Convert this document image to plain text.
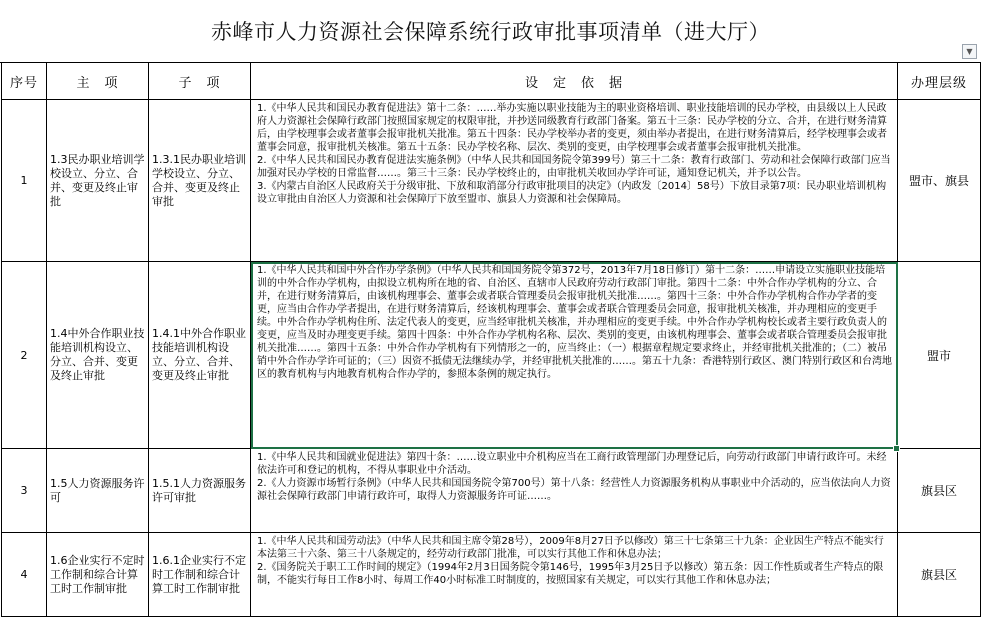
赤峰市人力资源社会保障系统行政审批事项清单（进大厅）
▼
序号	主　项	子　项	设　定　依　据	办理层级
1	1.3民办职业培训学校设立、分立、合并、变更及终止审批	1.3.1民办职业培训学校设立、分立、合并、变更及终止审批	1.《中华人民共和国民办教育促进法》第十二条：……举办实施以职业技能为主的职业资格培训、职业技能培训的民办学校，由县级以上人民政府人力资源社会保障行政部门按照国家规定的权限审批，并抄送同级教育行政部门备案。第五十三条：民办学校的分立、合并，在进行财务清算后，由学校理事会或者董事会报审批机关批准。第五十四条：民办学校举办者的变更，须由举办者提出，在进行财务清算后，经学校理事会或者董事会同意，报审批机关核准。第五十五条：民办学校名称、层次、类别的变更，由学校理事会或者董事会报审批机关批准。

2.《中华人民共和国民办教育促进法实施条例》（中华人民共和国国务院令第399号）第三十二条：教育行政部门、劳动和社会保障行政部门应当加强对民办学校的日常监督……。第三十三条：民办学校终止的，由审批机关收回办学许可证，通知登记机关，并予以公告。

3.《内蒙古自治区人民政府关于分级审批、下放和取消部分行政审批项目的决定》（内政发〔2014〕58号）下放目录第7项：民办职业培训机构设立审批由自治区人力资源和社会保障厅下放至盟市、旗县人力资源和社会保障局。	盟市、旗县
2	1.4中外合作职业技能培训机构设立、分立、合并、变更及终止审批	1.4.1中外合作职业技能培训机构设立、分立、合并、变更及终止审批	1.《中华人民共和国中外合作办学条例》（中华人民共和国国务院令第372号，2013年7月18日修订）第十二条：……申请设立实施职业技能培训的中外合作办学机构，由拟设立机构所在地的省、自治区、直辖市人民政府劳动行政部门审批。第四十二条：中外合作办学机构的分立、合并，在进行财务清算后，由该机构理事会、董事会或者联合管理委员会报审批机关批准……。第四十三条：中外合作办学机构合作办学者的变更，应当由合作办学者提出，在进行财务清算后，经该机构理事会、董事会或者联合管理委员会同意，报审批机关核准，并办理相应的变更手续。中外合作办学机构住所、法定代表人的变更，应当经审批机关核准，并办理相应的变更手续。中外合作办学机构校长或者主要行政负责人的变更，应当及时办理变更手续。第四十四条：中外合作办学机构名称、层次、类别的变更，由该机构理事会、董事会或者联合管理委员会报审批机关批准……。第四十五条：中外合作办学机构有下列情形之一的，应当终止：（一）根据章程规定要求终止，并经审批机关批准的；（二）被吊销中外合作办学许可证的；（三）因资不抵债无法继续办学，并经审批机关批准的……。第五十九条：香港特别行政区、澳门特别行政区和台湾地区的教育机构与内地教育机构合作办学的，参照本条例的规定执行。	盟市
3	1.5人力资源服务许可	1.5.1人力资源服务许可审批	1.《中华人民共和国就业促进法》第四十条：……设立职业中介机构应当在工商行政管理部门办理登记后，向劳动行政部门申请行政许可。未经依法许可和登记的机构，不得从事职业中介活动。

2.《人力资源市场暂行条例》（中华人民共和国国务院令第700号）第十八条：经营性人力资源服务机构从事职业中介活动的，应当依法向人力资源社会保障行政部门申请行政许可，取得人力资源服务许可证……。	旗县区
4	1.6企业实行不定时工作制和综合计算工时工作制审批	1.6.1企业实行不定时工作制和综合计算工时工作制审批	1.《中华人民共和国劳动法》（中华人民共和国主席令第28号），2009年8月27日予以修改）第三十七条第三十九条：企业因生产特点不能实行本法第三十六条、第三十八条规定的，经劳动行政部门批准，可以实行其他工作和休息办法；

2.《国务院关于职工工作时间的规定》（1994年2月3日国务院令第146号，1995年3月25日予以修改）第五条：因工作性质或者生产特点的限制，不能实行每日工作8小时、每周工作40小时标准工时制度的，按照国家有关规定，可以实行其他工作和休息办法；	旗县区
